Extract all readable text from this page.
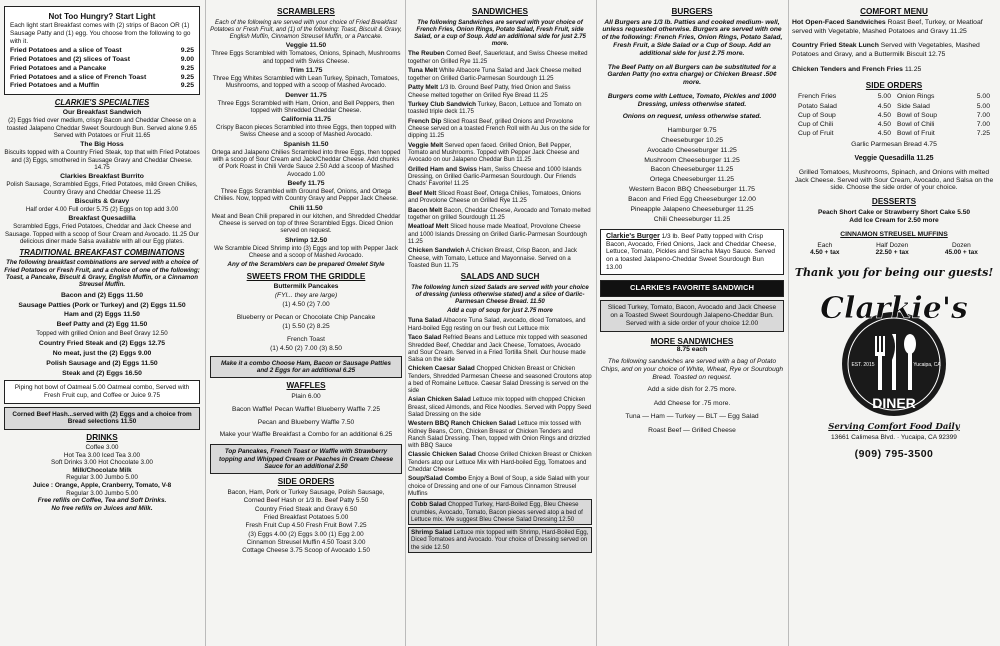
Not Too Hungry? Start Light
Each light start Breakfast comes with (2) strips of Bacon OR (1) Sausage Patty and (1) egg. You choose from the following to go with it.
Fried Potatoes and a slice of Toast	9.25
Fried Potatoes and (2) slices of Toast	9.00
Fried Potatoes and a Pancake	9.25
Fried Potatoes and a slice of French Toast	9.25
Fried Potatoes and a Muffin	9.25
CLARKIE'S SPECIALTIES
Our Breakfast Sandwich
(2) Eggs fried over medium, crispy Bacon and Cheddar Cheese on a toasted Jalapeno Cheddar Sweet Sourdough Bun. Served alone 9.65 Served with Potatoes or Fruit 11.65
The Big Hoss
Biscuits topped with a Country Fried Steak, top that with Fried Potatoes and (3) Eggs, smothered in Sausage Gravy and Cheddar Cheese. 14.75
Clarkies Breakfast Burrito
Polish Sausage, Scrambled Eggs, Fried Potatoes, mild Green Chilies, Country Gravy and Cheddar Cheese 11.25
Biscuits & Gravy
Half order 4.00 Full order 5.75 (2) Eggs on top add 3.00
Breakfast Quesadilla
Scrambled Eggs, Fried Potatoes, Cheddar and Jack Cheese and Sausage. Topped with a scoop of Sour Cream and Avocado. 11.25 Our delicious diner made Salsa available with all our Egg plates.
TRADITIONAL BREAKFAST COMBINATIONS
The following breakfast combinations are served with a choice of Fried Potatoes or Fresh Fruit, and a choice of one of the following; Toast, a Pancake, Biscuit & Gravy, English Muffin, or a Cinnamon Streusel Muffin.
Bacon and (2) Eggs 11.50
Sausage Patties (Pork or Turkey) and (2) Eggs 11.50
Ham and (2) Eggs 11.50
Beef Patty and (2) Egg 11.50
Topped with grilled Onion and Beef Gravy 12.50
Country Fried Steak and (2) Eggs 12.75
No meat, just the (2) Eggs 9.00
Polish Sausage and (2) Eggs 11.50
Steak and (2) Eggs 16.50
Piping hot bowl of Oatmeal 5.00 Oatmeal combo, Served with Fresh Fruit cup, and Coffee or Juice 9.75
Corned Beef Hash...served with (2) Eggs and a choice from Bread selections 11.50
DRINKS
Coffee 3.00
Hot Tea 3.00 Iced Tea 3.00
Soft Drinks 3.00 Hot Chocolate 3.00
Milk/Chocolate Milk
Regular 3.00 Jumbo 5.00
Juice : Orange, Apple, Cranberry, Tomato, V-8
Regular 3.00 Jumbo 5.00
Free refills on Coffee, Tea and Soft Drinks.
No free refills on Juices and Milk.
SCRAMBLERS
Each of the following are served with your choice of Fried Breakfast Potatoes or Fresh Fruit, and (1) of the following: Toast, Biscuit & Gravy, English Muffin, Cinnamon Streusel Muffin, or a Pancake.
Veggie 11.50
Three Eggs Scrambled with Tomatoes, Onions, Spinach, Mushrooms and topped with Swiss Cheese.
Trim 11.75
Three Egg Whites Scrambled with Lean Turkey, Spinach, Tomatoes, Mushrooms, and topped with a scoop of Mashed Avocado.
Denver 11.75
Three Eggs Scrambled with Ham, Onion, and Bell Peppers, then topped with Shredded Cheddar Cheese.
California 11.75
Crispy Bacon pieces Scrambled into three Eggs, then topped with Swiss Cheese and a scoop of Mashed Avocado.
Spanish 11.50
Ortega and Jalapeno Chilies Scrambled into three Eggs, then topped with a scoop of Sour Cream and Jack/Cheddar Cheese. Add chunks of Pork Roast in Chili Verde Sauce 2.50 Add a scoop of Mashed Avocado 1.00
Beefy 11.75
Three Eggs Scrambled with Ground Beef, Onions, and Ortega Chilies. Now, topped with Country Gravy and Pepper Jack Cheese.
Chili 11.50
Meat and Bean Chili prepared in our kitchen, and Shredded Cheddar Cheese is served on top of three Scrambled Eggs. Diced Onion served on request.
Shrimp 12.50
We Scramble Diced Shrimp into (3) Eggs and top with Pepper Jack Cheese and a scoop of Mashed Avocado.
Any of the Scramblers can be prepared Omelet Style
SWEETS FROM THE GRIDDLE
Buttermilk Pancakes
(FYI... they are large)
(1) 4.50 (2) 7.00
Blueberry or Pecan or Chocolate Chip Pancake
(1) 5.50 (2) 8.25
French Toast
(1) 4.50 (2) 7.00 (3) 8.50
Make it a combo Choose Ham, Bacon or Sausage Patties and 2 Eggs for an additional 6.25
WAFFLES
Plain 6.00
Bacon Waffle! Pecan Waffle! Blueberry Waffle 7.25
Pecan and Blueberry Waffle 7.50
Make your Waffle Breakfast a Combo for an additional 6.25
Top Pancakes, French Toast or Waffle with Strawberry topping and Whipped Cream or Peaches in Cream Cheese Sauce for an additional 2.50
SIDE ORDERS
Bacon, Ham, Pork or Turkey Sausage, Polish Sausage,
Corned Beef Hash or 1/3 lb. Beef Patty 5.50
Country Fried Steak and Gravy 6.50
Fried Breakfast Potatoes 5.00
Fresh Fruit Cup 4.50 Fresh Fruit Bowl 7.25
(3) Eggs 4.00 (2) Eggs 3.00 (1) Egg 2.00
Cinnamon Streusel Muffin 4.50 Toast 3.00
Cottage Cheese 3.75 Scoop of Avocado 1.50
SANDWICHES
The following Sandwiches are served with your choice of French Fries, Onion Rings, Potato Salad, Fresh Fruit, side Salad, or a cup of Soup. Add an additional side for just 2.75 more.
The Reuben Corned Beef, Sauerkraut, and Swiss Cheese melted together on Grilled Rye 11.25
Tuna Melt White Albacore Tuna Salad and Jack Cheese melted together on Grilled Garlic-Parmesan Sourdough 11.25
Patty Melt 1/3 lb. Ground Beef Patty, fried Onion and Swiss Cheese melted together on Grilled Rye Bread 11.25
Turkey Club Sandwich Turkey, Bacon, Lettuce and Tomato on toasted triple deck 11.75
French Dip Sliced Roast Beef, grilled Onions and Provolone Cheese served on a toasted French Roll with Au Jus on the side for dipping 11.25
Veggie Melt Served open faced. Grilled Onion, Bell Pepper, Tomato and Mushrooms. Topped with Pepper Jack Cheese and Avocado on our Jalapeno Cheddar Bun 11.25
Grilled Ham and Swiss Ham, Swiss Cheese and 1000 Islands Dressing, on Grilled Garlic-Parmesan Sourdough. Our Friends Chads' Favorite! 11.25
Beef Melt Sliced Roast Beef, Ortega Chilies, Tomatoes, Onions and Provolone Cheese on Grilled Rye 11.25
Bacon Melt Bacon, Cheddar Cheese, Avocado and Tomato melted together on grilled Sourdough 11.25
Meatloaf Melt Sliced house made Meatloaf, Provolone Cheese and 1000 Islands Dressing on Grilled Garlic-Parmesan Sourdough 11.25
Chicken Sandwich A Chicken Breast, Crisp Bacon, and Jack Cheese, with Tomato, Lettuce and Mayonnaise. Served on a Toasted Bun 11.75
SALADS AND SUCH
The following lunch sized Salads are served with your choice of dressing (unless otherwise stated) and a slice of Garlic-Parmesan Cheese Bread. 11.50
Add a cup of soup for just 2.75 more
Tuna Salad Albacore Tuna Salad, avocado, diced Tomatoes, and Hard-boiled Egg resting on our fresh cut Lettuce mix
Taco Salad Refried Beans and Lettuce mix topped with seasoned Shredded Beef, Cheddar and Jack Cheese, Tomatoes, Avocado and Sour Cream. Served in a Fried Tortilla Shell. Our house made Salsa on the side
Chicken Caesar Salad Chopped Chicken Breast or Chicken Tenders, Shredded Parmesan Cheese and seasoned Croutons atop a bed of Romaine Lettuce. Caesar Salad Dressing is served on the side
Asian Chicken Salad Lettuce mix topped with chopped Chicken Breast, sliced Almonds, and Rice Noodles. Served with Poppy Seed Salad Dressing on the side
Western BBQ Ranch Chicken Salad Lettuce mix tossed with Kidney Beans, Corn, Chicken Breast or Chicken Tenders and Ranch Salad Dressing. Then, topped with Onion Rings and drizzled with BBQ Sauce
Classic Chicken Salad Choose Grilled Chicken Breast or Chicken Tenders atop our Lettuce Mix with Hard-boiled Egg, Tomatoes and Cheddar Cheese
Soup/Salad Combo Enjoy a Bowl of Soup, a side Salad with your choice of Dressing and one of our Famous Cinnamon Streusel Muffins
Cobb Salad Chopped Turkey, Hard-Boiled Egg, Bleu Cheese crumbles, Avocado, Tomato, Bacon pieces served atop a bed of Lettuce mix. We suggest Bleu Cheese Salad Dressing 12.50
Shrimp Salad Lettuce mix topped with Shrimp, Hard-Boiled Egg, Diced Tomatoes and Avocado. Your choice of Dressing served on the side 12.50
BURGERS
All Burgers are 1/3 lb. Patties and cooked medium- well, unless requested otherwise. Burgers are served with one of the following: French Fries, Onion Rings, Potato Salad, Fresh Fruit, a Side Salad or a Cup of Soup. Add an additional side for just 2.75 more.
The Beef Patty on all Burgers can be substituted for a Garden Patty (no extra charge) or Chicken Breast .50¢ more.
Burgers come with Lettuce, Tomato, Pickles and 1000 Dressing, unless otherwise stated.
Onions on request, unless otherwise stated.
Hamburger 9.75
Cheeseburger 10.25
Avocado Cheeseburger 11.25
Mushroom Cheeseburger 11.25
Bacon Cheeseburger 11.25
Ortega Cheeseburger 11.25
Western Bacon BBQ Cheeseburger 11.75
Bacon and Fried Egg Cheeseburger 12.00
Pineapple Jalapeno Cheeseburger 11.25
Chili Cheeseburger 11.25
Clarkie's Burger 1/3 lb. Beef Patty topped with Crisp Bacon, Avocado, Fried Onions, Jack and Cheddar Cheese, Lettuce, Tomato, Pickles and Siracha Mayo Sauce. Served on a toasted Jalapeno-Cheddar Sweet Sourdough Bun 13.00
CLARKIE'S FAVORITE SANDWICH
Sliced Turkey, Tomato, Bacon, Avocado and Jack Cheese on a Toasted Sweet Sourdough Jalapeno-Cheddar Bun. Served with a side order of your choice 12.00
MORE SANDWICHES
8.75 each
The following sandwiches are served with a bag of Potato Chips, and on your choice of White, Wheat, Rye or Sourdough Bread. Toasted on request.
Add a side dish for 2.75 more.
Add Cheese for .75 more.
Tuna — Ham — Turkey — BLT — Egg Salad
Roast Beef — Grilled Cheese
COMFORT MENU
Hot Open-Faced Sandwiches Roast Beef, Turkey, or Meatloaf served with Vegetable, Mashed Potatoes and Gravy 11.25
Country Fried Steak Lunch Served with Vegetables, Mashed Potatoes and Gravy, and a Buttermilk Biscuit 12.75
Chicken Tenders and French Fries 11.25
SIDE ORDERS
French Fries	5.00 Onion Rings	5.00
Potato Salad	4.50 Side Salad	5.00
Cup of Soup	4.50 Bowl of Soup	7.00
Cup of Chili	4.50 Bowl of Chili	7.00
Cup of Fruit	4.50 Bowl of Fruit	7.25
Garlic Parmesan Bread 4.75
Veggie Quesadilla 11.25
Grilled Tomatoes, Mushrooms, Spinach, and Onions with melted Jack Cheese. Served with Sour Cream, Avocado, and Salsa on the side. Choose the side order of your choice.
DESSERTS
Peach Short Cake or Strawberry Short Cake 5.50
Add Ice Cream for 2.50 more
CINNAMON STREUSEL MUFFINS
Each
4.50 + tax
Half Dozen
22.50 + tax
Dozen
45.00 + tax
Thank you for being our guests!
Clarkie's
EST. 2015	Yucaipa, CA
DINER
Serving Comfort Food Daily
13661 Calimesa Blvd. · Yucaipa, CA 92399
(909) 795-3500
